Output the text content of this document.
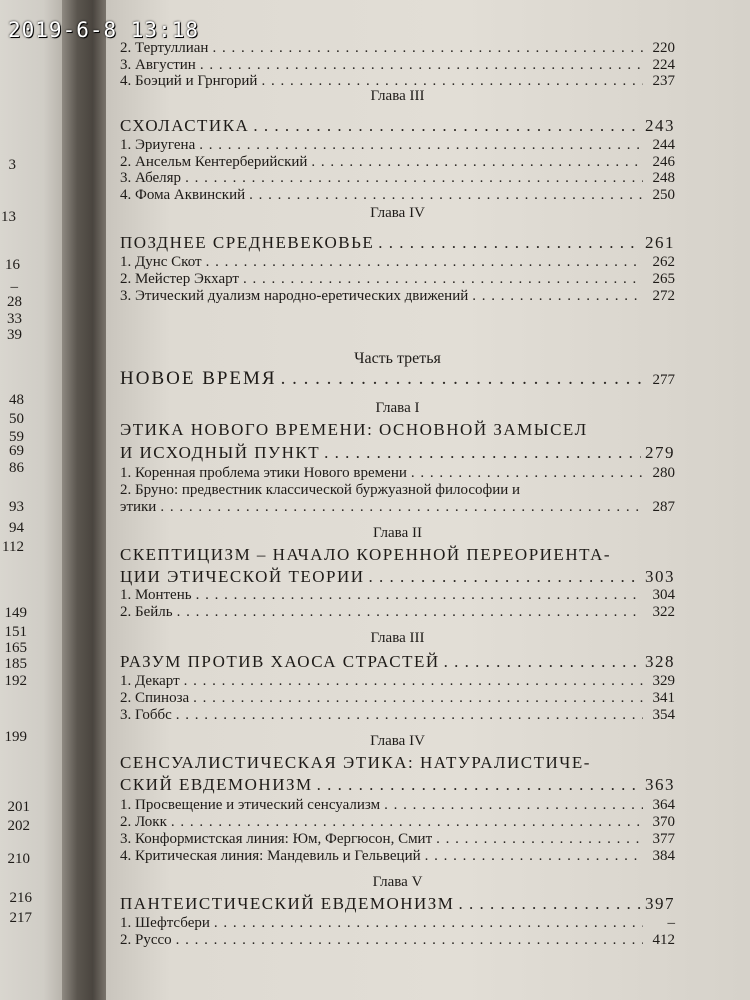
3
13
16
–
28
33
39
48
50
59
69
86
93
94
112
149
151
165
185
192
199
201
202
210
216
217
2019-6-8 13:18
2. Тертуллиан . . .	220
3. Августин . . .	224
4. Боэций и Грнгорий . . .	237
Глава III
СХОЛАСТИКА . . .	243
1. Эриугена . . .	244
2. Ансельм Кентерберийский . . .	246
3. Абеляр . . .	248
4. Фома Аквинский . . .	250
Глава IV
ПОЗДНЕЕ СРЕДНЕВЕКОВЬЕ . . .	261
1. Дунс Скот . . .	262
2. Мейстер Экхарт . . .	265
3. Этический дуализм народно-еретических движений . . .	272
Часть третья
НОВОЕ ВРЕМЯ . . .	277
Глава I
ЭТИКА НОВОГО ВРЕМЕНИ: ОСНОВНОЙ ЗАМЫСЕЛ
И ИСХОДНЫЙ ПУНКТ . . .	279
1. Коренная проблема этики Нового времени . . .	280
2. Бруно: предвестник классической буржуазной философии и
этики . . .	287
Глава II
СКЕПТИЦИЗМ – НАЧАЛО КОРЕННОЙ ПЕРЕОРИЕНТА-
ЦИИ ЭТИЧЕСКОЙ ТЕОРИИ . . .	303
1. Монтень . . .	304
2. Бейль . . .	322
Глава III
РАЗУМ ПРОТИВ ХАОСА СТРАСТЕЙ . . .	328
1. Декарт . . .	329
2. Спиноза . . .	341
3. Гоббс . . .	354
Глава IV
СЕНСУАЛИСТИЧЕСКАЯ ЭТИКА: НАТУРАЛИСТИЧЕ-
СКИЙ ЕВДЕМОНИЗМ . . .	363
1. Просвещение и этический сенсуализм . . .	364
2. Локк . . .	370
3. Конформистская линия: Юм, Фергюсон, Смит . . .	377
4. Критическая линия: Мандевиль и Гельвеций . . .	384
Глава V
ПАНТЕИСТИЧЕСКИЙ ЕВДЕМОНИЗМ . . .	397
1. Шефтсбери . . .	–
2. Руссо . . .	412
